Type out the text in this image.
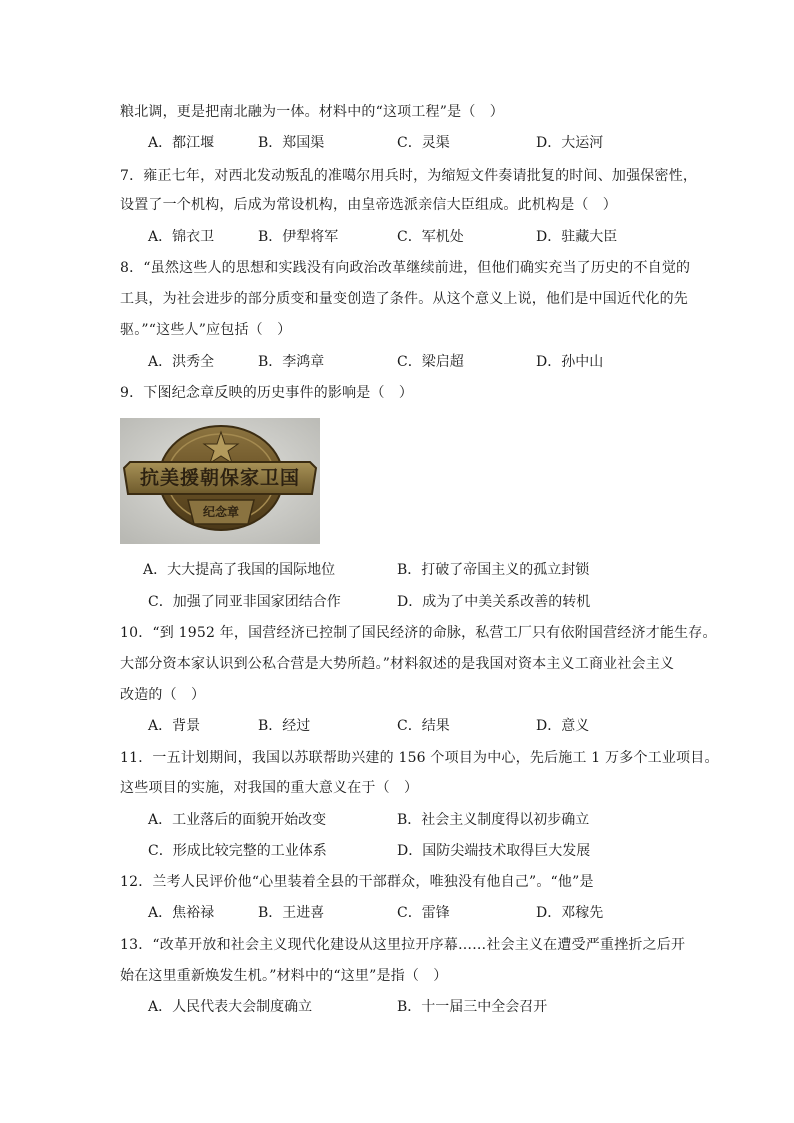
粮北调，更是把南北融为一体。材料中的“这项工程”是（　）
A．都江堰	B．郑国渠	C．灵渠	D．大运河
7．雍正七年，对西北发动叛乱的准噶尔用兵时，为缩短文件奏请批复的时间、加强保密性，
设置了一个机构，后成为常设机构，由皇帝选派亲信大臣组成。此机构是（　）
A．锦衣卫	B．伊犁将军	C．军机处	D．驻藏大臣
8．“虽然这些人的思想和实践没有向政治改革继续前进，但他们确实充当了历史的不自觉的
工具，为社会进步的部分质变和量变创造了条件。从这个意义上说，他们是中国近代化的先
驱。”“这些人”应包括（　）
A．洪秀全	B．李鸿章	C．梁启超	D．孙中山
9．下图纪念章反映的历史事件的影响是（　）
抗美援朝保家卫国
纪念章
A．大大提高了我国的国际地位	B．打破了帝国主义的孤立封锁
C．加强了同亚非国家团结合作	D．成为了中美关系改善的转机
10．“到 1952 年，国营经济已控制了国民经济的命脉，私营工厂只有依附国营经济才能生存。
大部分资本家认识到公私合营是大势所趋。”材料叙述的是我国对资本主义工商业社会主义
改造的（　）
A．背景	B．经过	C．结果	D．意义
11．一五计划期间，我国以苏联帮助兴建的 156 个项目为中心，先后施工 1 万多个工业项目。
这些项目的实施，对我国的重大意义在于（　）
A．工业落后的面貌开始改变	B．社会主义制度得以初步确立
C．形成比较完整的工业体系	D．国防尖端技术取得巨大发展
12．兰考人民评价他“心里装着全县的干部群众，唯独没有他自己”。“他”是
A．焦裕禄	B．王进喜	C．雷锋	D．邓稼先
13．“改革开放和社会主义现代化建设从这里拉开序幕……社会主义在遭受严重挫折之后开
始在这里重新焕发生机。”材料中的“这里”是指（　）
A．人民代表大会制度确立	B．十一届三中全会召开
